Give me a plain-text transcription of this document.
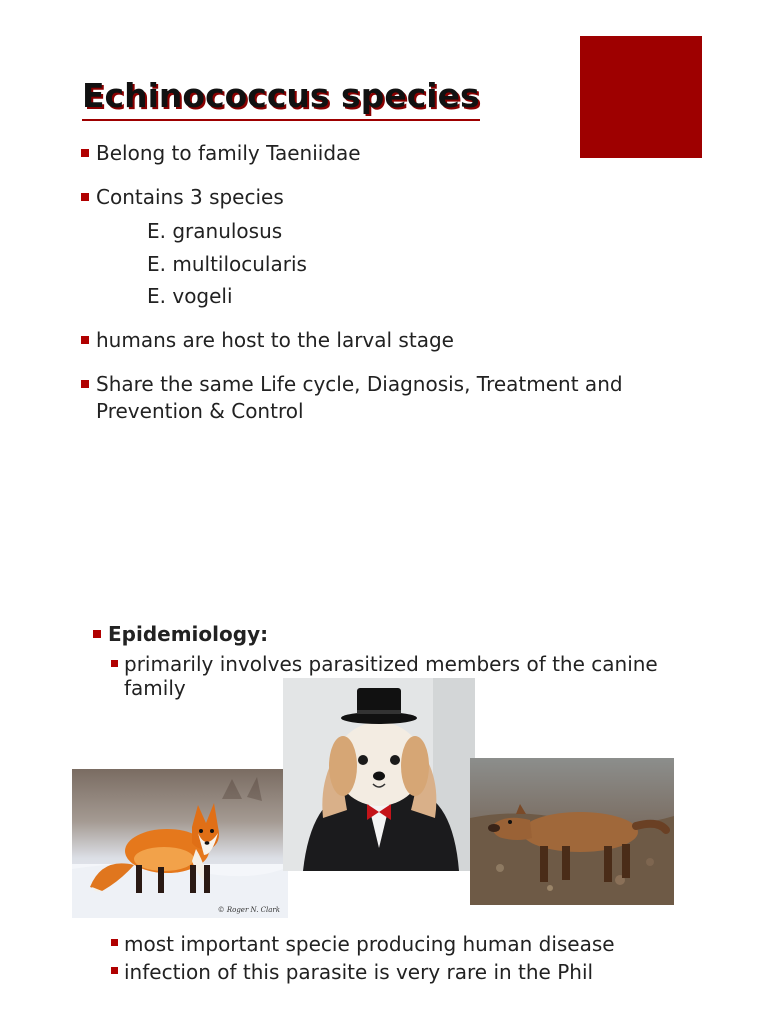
Echinococcus species
Belong to family Taeniidae
Contains 3 species
E. granulosus
E. multilocularis
E. vogeli
humans are host to the larval stage
Share the same Life cycle, Diagnosis, Treatment and Prevention & Control
Epidemiology:
primarily involves parasitized members of the canine family
© Roger N. Clark
most important specie producing human disease
infection of this parasite is very rare in the Phil
